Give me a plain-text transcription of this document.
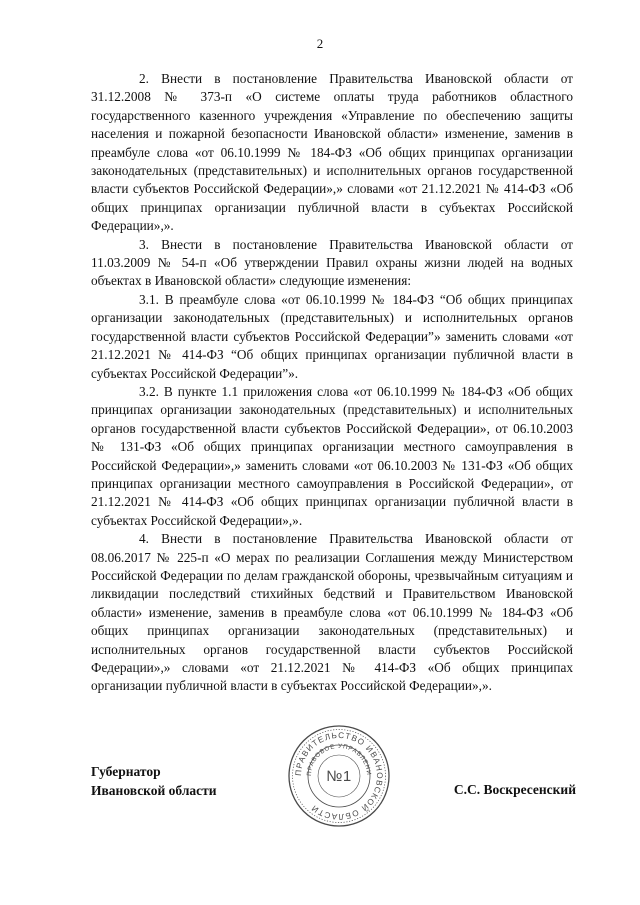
2

2. Внести в постановление Правительства Ивановской области от 31.12.2008 № 373-п «О системе оплаты труда работников областного государственного казенного учреждения «Управление по обеспечению защиты населения и пожарной безопасности Ивановской области» изменение, заменив в преамбуле слова «от 06.10.1999 № 184-ФЗ «Об общих принципах организации законодательных (представительных) и исполнительных органов государственной власти субъектов Российской Федерации»,» словами «от 21.12.2021 № 414-ФЗ «Об общих принципах организации публичной власти в субъектах Российской Федерации»,».

3. Внести в постановление Правительства Ивановской области от 11.03.2009 № 54-п «Об утверждении Правил охраны жизни людей на водных объектах в Ивановской области» следующие изменения:

3.1. В преамбуле слова «от 06.10.1999 № 184-ФЗ “Об общих принципах организации законодательных (представительных) и исполнительных органов государственной власти субъектов Российской Федерации”» заменить словами «от 21.12.2021 № 414-ФЗ “Об общих принципах организации публичной власти в субъектах Российской Федерации”».

3.2. В пункте 1.1 приложения слова «от 06.10.1999 № 184-ФЗ «Об общих принципах организации законодательных (представительных) и исполнительных органов государственной власти субъектов Российской Федерации», от 06.10.2003 № 131-ФЗ «Об общих принципах организации местного самоуправления в Российской Федерации»,» заменить словами «от 06.10.2003 № 131-ФЗ «Об общих принципах организации местного самоуправления в Российской Федерации», от 21.12.2021 № 414-ФЗ «Об общих принципах организации публичной власти в субъектах Российской Федерации»,».

4. Внести в постановление Правительства Ивановской области от 08.06.2017 № 225-п «О мерах по реализации Соглашения между Министерством Российской Федерации по делам гражданской обороны, чрезвычайным ситуациям и ликвидации последствий стихийных бедствий и Правительством Ивановской области» изменение, заменив в преамбуле слова «от 06.10.1999 № 184-ФЗ «Об общих принципах организации законодательных (представительных) и исполнительных органов государственной власти субъектов Российской Федерации»,» словами «от 21.12.2021 № 414-ФЗ «Об общих принципах организации публичной власти в субъектах Российской Федерации»,».

Губернатор
Ивановской области
ПРАВИТЕЛЬСТВО ИВАНОВСКОЙ ОБЛАСТИ
ПРАВОВОЕ УПРАВЛЕНИ
№1
С.С. Воскресенский
